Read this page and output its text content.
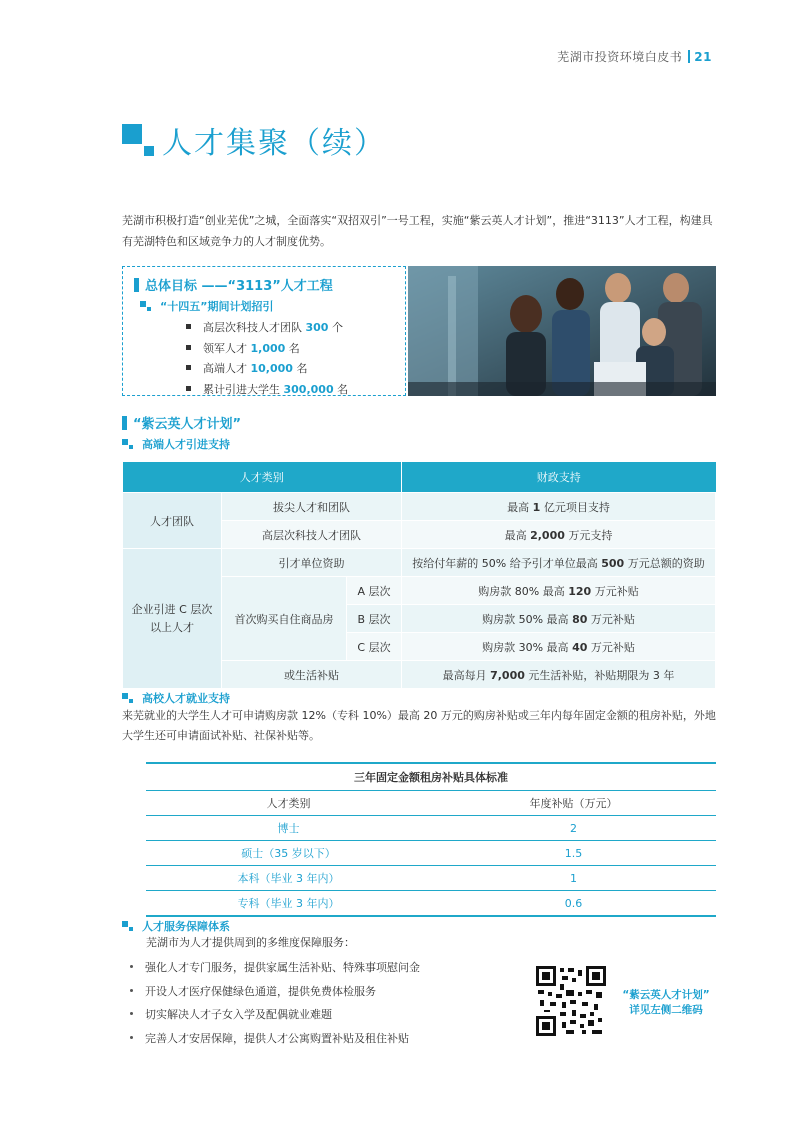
芜湖市投资环境白皮书 21
人才集聚（续）
芜湖市积极打造“创业芜优”之城，全面落实“双招双引”一号工程，实施“紫云英人才计划”，推进“3113”人才工程，构建具有芜湖特色和区域竞争力的人才制度优势。
总体目标 ——“3113”人才工程
“十四五”期间计划招引
高层次科技人才团队 300 个
领军人才 1,000 名
高端人才 10,000 名
累计引进大学生 300,000 名
“紫云英人才计划”
高端人才引进支持
人才类别			财政支持
人才团队	拔尖人才和团队		最高 1 亿元项目支持
	高层次科技人才团队		最高 2,000 万元支持
企业引进 C 层次
以上人才	引才单位资助		按给付年薪的 50% 给予引才单位最高 500 万元总额的资助
	首次购买自住商品房	A 层次	购房款 80% 最高 120 万元补贴
		B 层次	购房款 50% 最高 80 万元补贴
		C 层次	购房款 30% 最高 40 万元补贴
	或生活补贴		最高每月 7,000 元生活补贴，补贴期限为 3 年
高校人才就业支持
来芜就业的大学生人才可申请购房款 12%（专科 10%）最高 20 万元的购房补贴或三年内每年固定金额的租房补贴，外地大学生还可申请面试补贴、社保补贴等。
三年固定金额租房补贴具体标准	
人才类别	年度补贴（万元）
博士	2
硕士（35 岁以下）	1.5
本科（毕业 3 年内）	1
专科（毕业 3 年内）	0.6
人才服务保障体系
芜湖市为人才提供周到的多维度保障服务：
强化人才专门服务，提供家属生活补贴、特殊事项慰问金
开设人才医疗保健绿色通道，提供免费体检服务
切实解决人才子女入学及配偶就业难题
完善人才安居保障，提供人才公寓购置补贴及租住补贴
“紫云英人才计划”
详见左侧二维码
